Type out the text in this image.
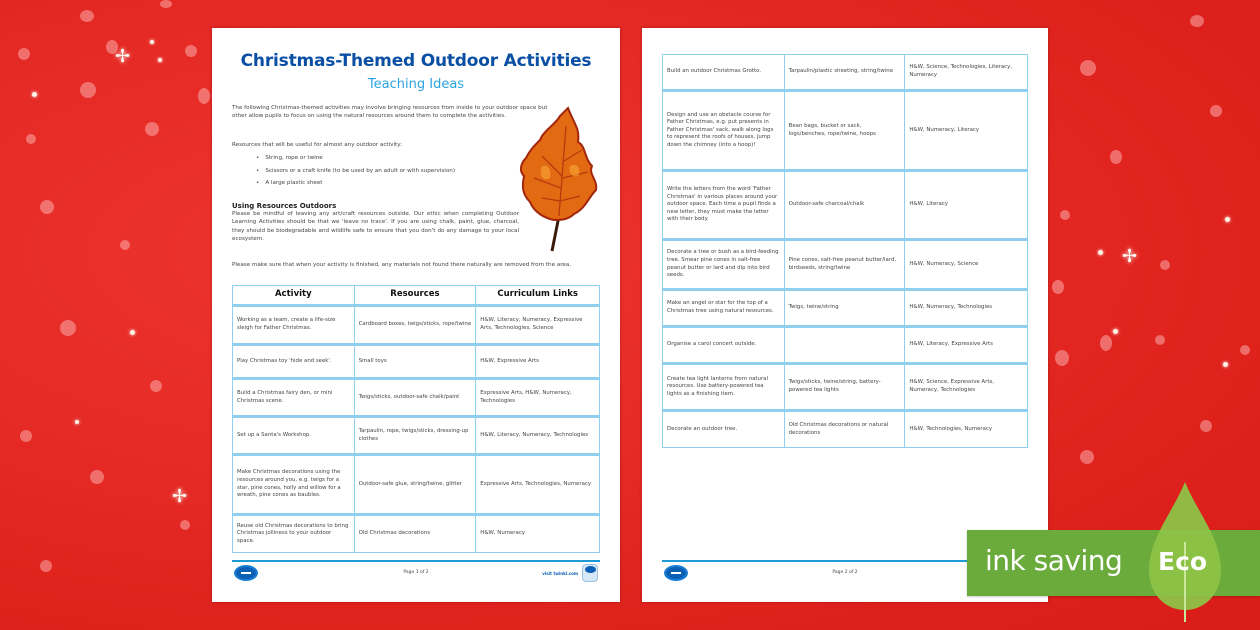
✢
✢
✢
Christmas-Themed Outdoor Activities
Teaching Ideas

The following Christmas-themed activities may involve bringing resources from inside to your outdoor space but other allow pupils to focus on using the natural resources around them to complete the activities.

Resources that will be useful for almost any outdoor activity:

• String, rope or twine
• Scissors or a craft knife (to be used by an adult or with supervision)
• A large plastic sheet
Using Resources Outdoors

Please be mindful of leaving any art/craft resources outside. Our ethic when completing Outdoor Learning Activities should be that we 'leave no trace'. If you are using chalk, paint, glue, charcoal, they should be biodegradable and wildlife safe to ensure that you don't do any damage to your local ecosystem.

Please make sure that when your activity is finished, any materials not found there naturally are removed from the area.

Activity	Resources	Curriculum Links
Working as a team, create a life-size sleigh for Father Christmas.	Cardboard boxes, twigs/sticks, rope/twine	H&W, Literacy, Numeracy, Expressive Arts, Technologies, Science
Play Christmas toy 'hide and seek'.	Small toys	H&W, Expressive Arts
Build a Christmas fairy den, or mini Christmas scene.	Twigs/sticks, outdoor-safe chalk/paint	Expressive Arts, H&W, Numeracy, Technologies
Set up a Santa's Workshop.	Tarpaulin, rope, twigs/sticks, dressing-up clothes	H&W, Literacy, Numeracy, Technologies
Make Christmas decorations using the resources around you, e.g. twigs for a star, pine cones, holly and willow for a wreath, pine cones as baubles.	Outdoor-safe glue, string/twine, glitter	Expressive Arts, Technologies, Numeracy
Reuse old Christmas decorations to bring Christmas jolliness to your outdoor space.	Old Christmas decorations	H&W, Numeracy
Page 1 of 2	visit twinkl.com
Build an outdoor Christmas Grotto.	Tarpaulin/plastic sheeting, string/twine	H&W, Science, Technologies, Literacy, Numeracy
Design and use an obstacle course for Father Christmas, e.g. put presents in Father Christmas' sack, walk along logs to represent the roofs of houses, jump down the chimney (into a hoop)!	Bean bags, bucket or sack, logs/benches, rope/twine, hoops	H&W, Numeracy, Literacy
Write the letters from the word 'Father Christmas' in various places around your outdoor space. Each time a pupil finds a new letter, they must make the letter with their body.	Outdoor-safe charcoal/chalk	H&W, Literacy
Decorate a tree or bush as a bird-feeding tree. Smear pine cones in salt-free peanut butter or lard and dip into bird seeds.	Pine cones, salt-free peanut butter/lard, birdseeds, string/twine	H&W, Numeracy, Science
Make an angel or star for the top of a Christmas tree using natural resources.	Twigs, twine/string	H&W, Numeracy, Technologies
Organise a carol concert outside.		H&W, Literacy, Expressive Arts
Create tea light lanterns from natural resources. Use battery-powered tea lights as a finishing item.	Twigs/sticks, twine/string, battery-powered tea lights	H&W, Science, Expressive Arts, Numeracy, Technologies
Decorate an outdoor tree.	Old Christmas decorations or natural decorations	H&W, Technologies, Numeracy
Page 2 of 2	ink saving Eco
